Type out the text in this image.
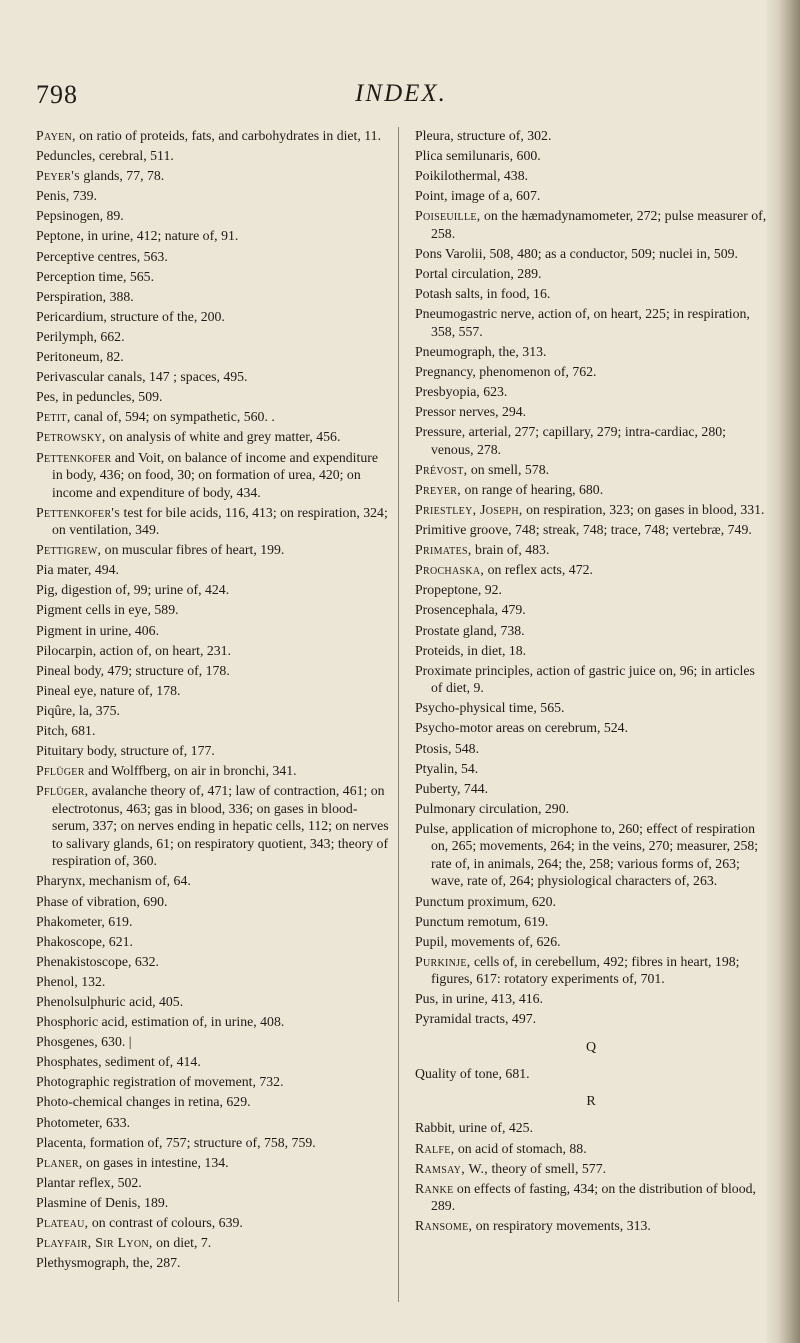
798	INDEX.
Payen, on ratio of proteids, fats, and carbohydrates in diet, 11.
Peduncles, cerebral, 511.
Peyer's glands, 77, 78.
Penis, 739.
Pepsinogen, 89.
Peptone, in urine, 412; nature of, 91.
Perceptive centres, 563.
Perception time, 565.
Perspiration, 388.
Pericardium, structure of the, 200.
Perilymph, 662.
Peritoneum, 82.
Perivascular canals, 147 ; spaces, 495.
Pes, in peduncles, 509.
Petit, canal of, 594; on sympathetic, 560. .
Petrowsky, on analysis of white and grey matter, 456.
Pettenkofer and Voit, on balance of income and expenditure in body, 436; on food, 30; on formation of urea, 420; on income and expenditure of body, 434.
Pettenkofer's test for bile acids, 116, 413; on respiration, 324; on ventilation, 349.
Pettigrew, on muscular fibres of heart, 199.
Pia mater, 494.
Pig, digestion of, 99; urine of, 424.
Pigment cells in eye, 589.
Pigment in urine, 406.
Pilocarpin, action of, on heart, 231.
Pineal body, 479; structure of, 178.
Pineal eye, nature of, 178.
Piqûre, la, 375.
Pitch, 681.
Pituitary body, structure of, 177.
Pflüger and Wolffberg, on air in bronchi, 341.
Pflüger, avalanche theory of, 471; law of contraction, 461; on electrotonus, 463; gas in blood, 336; on gases in blood-serum, 337; on nerves ending in hepatic cells, 112; on nerves to salivary glands, 61; on respiratory quotient, 343; theory of respiration of, 360.
Pharynx, mechanism of, 64.
Phase of vibration, 690.
Phakometer, 619.
Phakoscope, 621.
Phenakistoscope, 632.
Phenol, 132.
Phenolsulphuric acid, 405.
Phosphoric acid, estimation of, in urine, 408.
Phosgenes, 630. |
Phosphates, sediment of, 414.
Photographic registration of movement, 732.
Photo-chemical changes in retina, 629.
Photometer, 633.
Placenta, formation of, 757; structure of, 758, 759.
Planer, on gases in intestine, 134.
Plantar reflex, 502.
Plasmine of Denis, 189.
Plateau, on contrast of colours, 639.
Playfair, Sir Lyon, on diet, 7.
Plethysmograph, the, 287.
Pleura, structure of, 302.
Plica semilunaris, 600.
Poikilothermal, 438.
Point, image of a, 607.
Poiseuille, on the hæmadynamometer, 272; pulse measurer of, 258.
Pons Varolii, 508, 480; as a conductor, 509; nuclei in, 509.
Portal circulation, 289.
Potash salts, in food, 16.
Pneumogastric nerve, action of, on heart, 225; in respiration, 358, 557.
Pneumograph, the, 313.
Pregnancy, phenomenon of, 762.
Presbyopia, 623.
Pressor nerves, 294.
Pressure, arterial, 277; capillary, 279; intra-cardiac, 280; venous, 278.
Prévost, on smell, 578.
Preyer, on range of hearing, 680.
Priestley, Joseph, on respiration, 323; on gases in blood, 331.
Primitive groove, 748; streak, 748; trace, 748; vertebræ, 749.
Primates, brain of, 483.
Prochaska, on reflex acts, 472.
Propeptone, 92.
Prosencephala, 479.
Prostate gland, 738.
Proteids, in diet, 18.
Proximate principles, action of gastric juice on, 96; in articles of diet, 9.
Psycho-physical time, 565.
Psycho-motor areas on cerebrum, 524.
Ptosis, 548.
Ptyalin, 54.
Puberty, 744.
Pulmonary circulation, 290.
Pulse, application of microphone to, 260; effect of respiration on, 265; movements, 264; in the veins, 270; measurer, 258; rate of, in animals, 264; the, 258; various forms of, 263; wave, rate of, 264; physiological characters of, 263.
Punctum proximum, 620.
Punctum remotum, 619.
Pupil, movements of, 626.
Purkinje, cells of, in cerebellum, 492; fibres in heart, 198; figures, 617: rotatory experiments of, 701.
Pus, in urine, 413, 416.
Pyramidal tracts, 497.
Q
Quality of tone, 681.
R
Rabbit, urine of, 425.
Ralfe, on acid of stomach, 88.
Ramsay, W., theory of smell, 577.
Ranke on effects of fasting, 434; on the distribution of blood, 289.
Ransome, on respiratory movements, 313.
